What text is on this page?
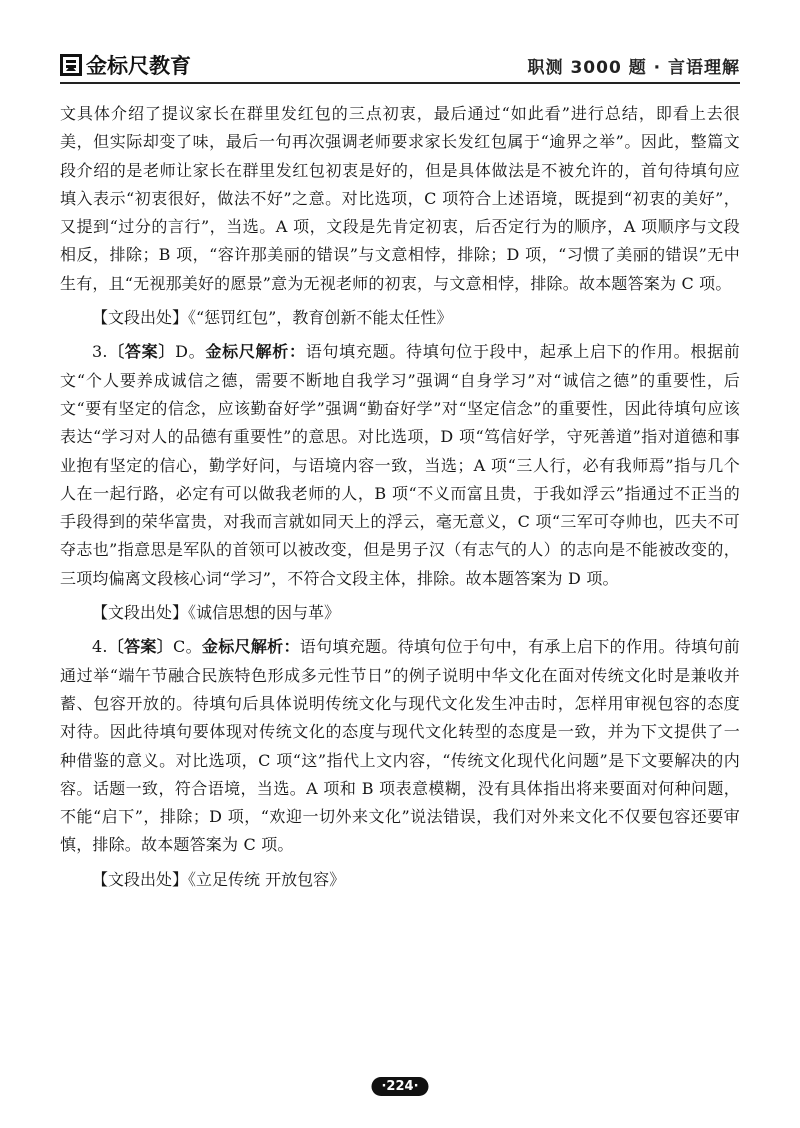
金标尺教育	职测 3000 题 · 言语理解

文具体介绍了提议家长在群里发红包的三点初衷，最后通过“如此看”进行总结，即看上去很美，但实际却变了味，最后一句再次强调老师要求家长发红包属于“逾界之举”。因此，整篇文段介绍的是老师让家长在群里发红包初衷是好的，但是具体做法是不被允许的，首句待填句应填入表示“初衷很好，做法不好”之意。对比选项，C 项符合上述语境，既提到“初衷的美好”，又提到“过分的言行”，当选。A 项，文段是先肯定初衷，后否定行为的顺序，A 项顺序与文段相反，排除；B 项，“容许那美丽的错误”与文意相悖，排除；D 项，“习惯了美丽的错误”无中生有，且“无视那美好的愿景”意为无视老师的初衷，与文意相悖，排除。故本题答案为 C 项。

【文段出处】《“惩罚红包”，教育创新不能太任性》

3.〔答案〕D。金标尺解析：语句填充题。待填句位于段中，起承上启下的作用。根据前文“个人要养成诚信之德，需要不断地自我学习”强调“自身学习”对“诚信之德”的重要性，后文“要有坚定的信念，应该勤奋好学”强调“勤奋好学”对“坚定信念”的重要性，因此待填句应该表达“学习对人的品德有重要性”的意思。对比选项，D 项“笃信好学，守死善道”指对道德和事业抱有坚定的信心，勤学好问，与语境内容一致，当选；A 项“三人行，必有我师焉”指与几个人在一起行路，必定有可以做我老师的人，B 项“不义而富且贵，于我如浮云”指通过不正当的手段得到的荣华富贵，对我而言就如同天上的浮云，毫无意义，C 项“三军可夺帅也，匹夫不可夺志也”指意思是军队的首领可以被改变，但是男子汉（有志气的人）的志向是不能被改变的，三项均偏离文段核心词“学习”，不符合文段主体，排除。故本题答案为 D 项。

【文段出处】《诚信思想的因与革》

4.〔答案〕C。金标尺解析：语句填充题。待填句位于句中，有承上启下的作用。待填句前通过举“端午节融合民族特色形成多元性节日”的例子说明中华文化在面对传统文化时是兼收并蓄、包容开放的。待填句后具体说明传统文化与现代文化发生冲击时，怎样用审视包容的态度对待。因此待填句要体现对传统文化的态度与现代文化转型的态度是一致，并为下文提供了一种借鉴的意义。对比选项，C 项“这”指代上文内容，“传统文化现代化问题”是下文要解决的内容。话题一致，符合语境，当选。A 项和 B 项表意模糊，没有具体指出将来要面对何种问题，不能“启下”，排除；D 项，“欢迎一切外来文化”说法错误，我们对外来文化不仅要包容还要审慎，排除。故本题答案为 C 项。

【文段出处】《立足传统 开放包容》

·224·
